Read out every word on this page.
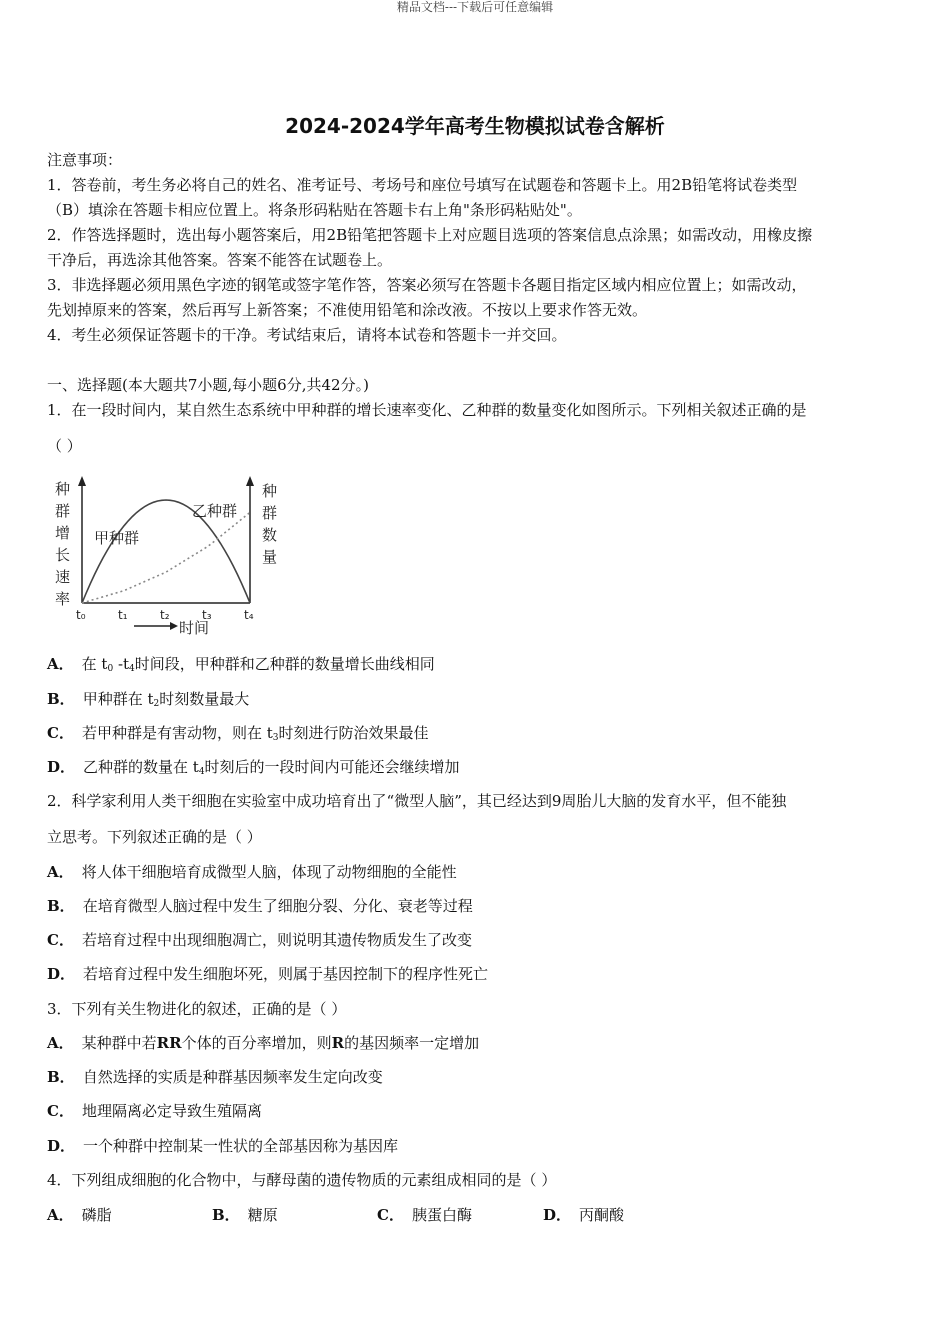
精品文档---下载后可任意编辑
2024-2024学年高考生物模拟试卷含解析
注意事项：
1．答卷前，考生务必将自己的姓名、准考证号、考场号和座位号填写在试题卷和答题卡上。用2B铅笔将试卷类型
（B）填涂在答题卡相应位置上。将条形码粘贴在答题卡右上角"条形码粘贴处"。
2．作答选择题时，选出每小题答案后，用2B铅笔把答题卡上对应题目选项的答案信息点涂黑；如需改动，用橡皮擦
干净后，再选涂其他答案。答案不能答在试题卷上。
3．非选择题必须用黑色字迹的钢笔或签字笔作答，答案必须写在答题卡各题目指定区域内相应位置上；如需改动，
先划掉原来的答案，然后再写上新答案；不准使用铅笔和涂改液。不按以上要求作答无效。
4．考生必须保证答题卡的干净。考试结束后，请将本试卷和答题卡一并交回。
一、选择题(本大题共7小题,每小题6分,共42分。)
1．在一段时间内，某自然生态系统中甲种群的增长速率变化、乙种群的数量变化如图所示。下列相关叙述正确的是
（ ）
时间
种
群
增
长
速
率
种
群
数
量
t₀	t₁	t₂	t₃	t₄
甲种群
乙种群
A． 在 $t_0$ $-t_4$时间段，甲种群和乙种群的数量增长曲线相同
B． 甲种群在 $t_2$时刻数量最大
C． 若甲种群是有害动物，则在 $t_3$时刻进行防治效果最佳
D． 乙种群的数量在 $t_4$时刻后的一段时间内可能还会继续增加
2．科学家利用人类干细胞在实验室中成功培育出了“微型人脑”，其已经达到9周胎儿大脑的发育水平，但不能独
立思考。下列叙述正确的是（ ）
A． 将人体干细胞培育成微型人脑，体现了动物细胞的全能性
B． 在培育微型人脑过程中发生了细胞分裂、分化、衰老等过程
C． 若培育过程中出现细胞凋亡，则说明其遗传物质发生了改变
D． 若培育过程中发生细胞坏死，则属于基因控制下的程序性死亡
3．下列有关生物进化的叙述，正确的是（ ）
A． 某种群中若RR个体的百分率增加，则R的基因频率一定增加
B． 自然选择的实质是种群基因频率发生定向改变
C． 地理隔离必定导致生殖隔离
D． 一个种群中控制某一性状的全部基因称为基因库
4．下列组成细胞的化合物中，与酵母菌的遗传物质的元素组成相同的是（ ）
A． 磷脂	B． 糖原	C． 胰蛋白酶	D． 丙酮酸
